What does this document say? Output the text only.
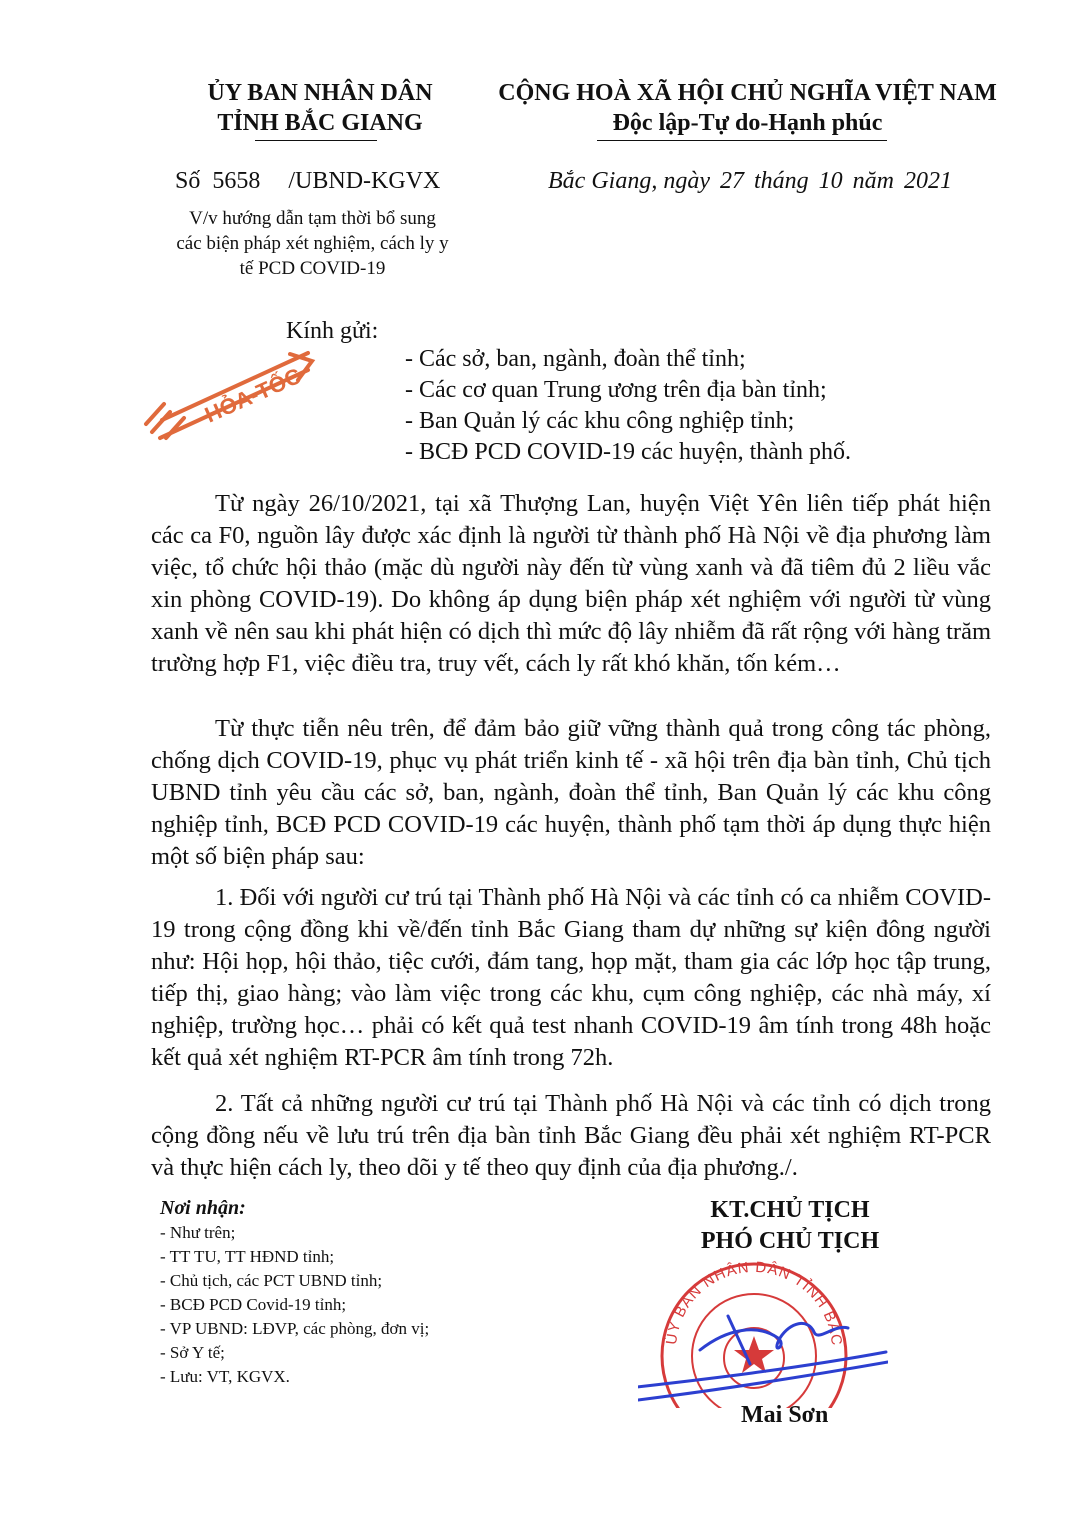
ỦY BAN NHÂN DÂN
TỈNH BẮC GIANG
CỘNG HOÀ XÃ HỘI CHỦ NGHĨA VIỆT NAM
Độc lập-Tự do-Hạnh phúc
Số 5658 /UBND-KGVX	Bắc Giang, ngày 27 tháng 10 năm 2021
V/v hướng dẫn tạm thời bổ sung
các biện pháp xét nghiệm, cách ly y
tế PCD COVID-19
HỎA-TỐC
Kính gửi:
- Các sở, ban, ngành, đoàn thể tỉnh;
- Các cơ quan Trung ương trên địa bàn tỉnh;
- Ban Quản lý các khu công nghiệp tỉnh;
- BCĐ PCD COVID-19 các huyện, thành phố.

Từ ngày 26/10/2021, tại xã Thượng Lan, huyện Việt Yên liên tiếp phát hiện các ca F0, nguồn lây được xác định là người từ thành phố Hà Nội về địa phương làm việc, tổ chức hội thảo (mặc dù người này đến từ vùng xanh và đã tiêm đủ 2 liều vắc xin phòng COVID-19). Do không áp dụng biện pháp xét nghiệm với người từ vùng xanh về nên sau khi phát hiện có dịch thì mức độ lây nhiễm đã rất rộng với hàng trăm trường hợp F1, việc điều tra, truy vết, cách ly rất khó khăn, tốn kém…

Từ thực tiễn nêu trên, để đảm bảo giữ vững thành quả trong công tác phòng, chống dịch COVID-19, phục vụ phát triển kinh tế - xã hội trên địa bàn tỉnh, Chủ tịch UBND tỉnh yêu cầu các sở, ban, ngành, đoàn thể tỉnh, Ban Quản lý các khu công nghiệp tỉnh, BCĐ PCD COVID-19 các huyện, thành phố tạm thời áp dụng thực hiện một số biện pháp sau:

1. Đối với người cư trú tại Thành phố Hà Nội và các tỉnh có ca nhiễm COVID-19 trong cộng đồng khi về/đến tỉnh Bắc Giang tham dự những sự kiện đông người như: Hội họp, hội thảo, tiệc cưới, đám tang, họp mặt, tham gia các lớp học tập trung, tiếp thị, giao hàng; vào làm việc trong các khu, cụm công nghiệp, các nhà máy, xí nghiệp, trường học… phải có kết quả test nhanh COVID-19 âm tính trong 48h hoặc kết quả xét nghiệm RT-PCR âm tính trong 72h.

2. Tất cả những người cư trú tại Thành phố Hà Nội và các tỉnh có dịch trong cộng đồng nếu về lưu trú trên địa bàn tỉnh Bắc Giang đều phải xét nghiệm RT-PCR và thực hiện cách ly, theo dõi y tế theo quy định của địa phương./.

Nơi nhận:
- Như trên;
- TT TU, TT HĐND tỉnh;
- Chủ tịch, các PCT UBND tỉnh;
- BCĐ PCD Covid-19 tỉnh;
- VP UBND: LĐVP, các phòng, đơn vị;
- Sở Y tế;
- Lưu: VT, KGVX.
KT.CHỦ TỊCH
PHÓ CHỦ TỊCH
ỦY BAN NHÂN DÂN TỈNH BẮC
Mai Sơn
